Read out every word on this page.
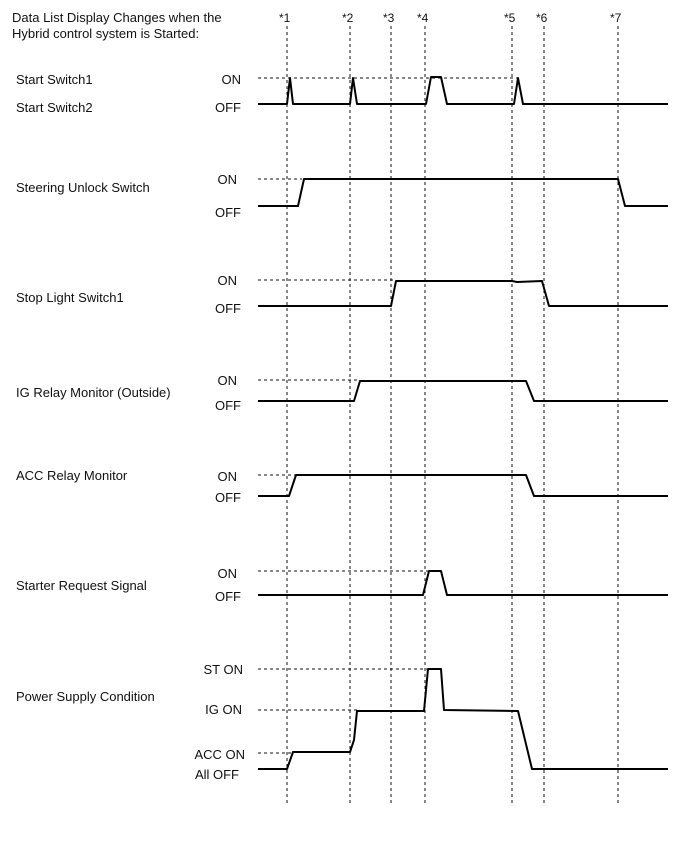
Data List Display Changes when the Hybrid control system is Started:
*1	*2 *3 *4	*5 *6	*7
Start Switch1
Start Switch2
Steering Unlock Switch
Stop Light Switch1
IG Relay Monitor (Outside)
ACC Relay Monitor
Starter Request Signal
Power Supply Condition
ON
OFF
ON
OFF
ON
OFF
ON
OFF
ON
OFF
ON
OFF
ST ON
IG ON
ACC ON
All OFF
